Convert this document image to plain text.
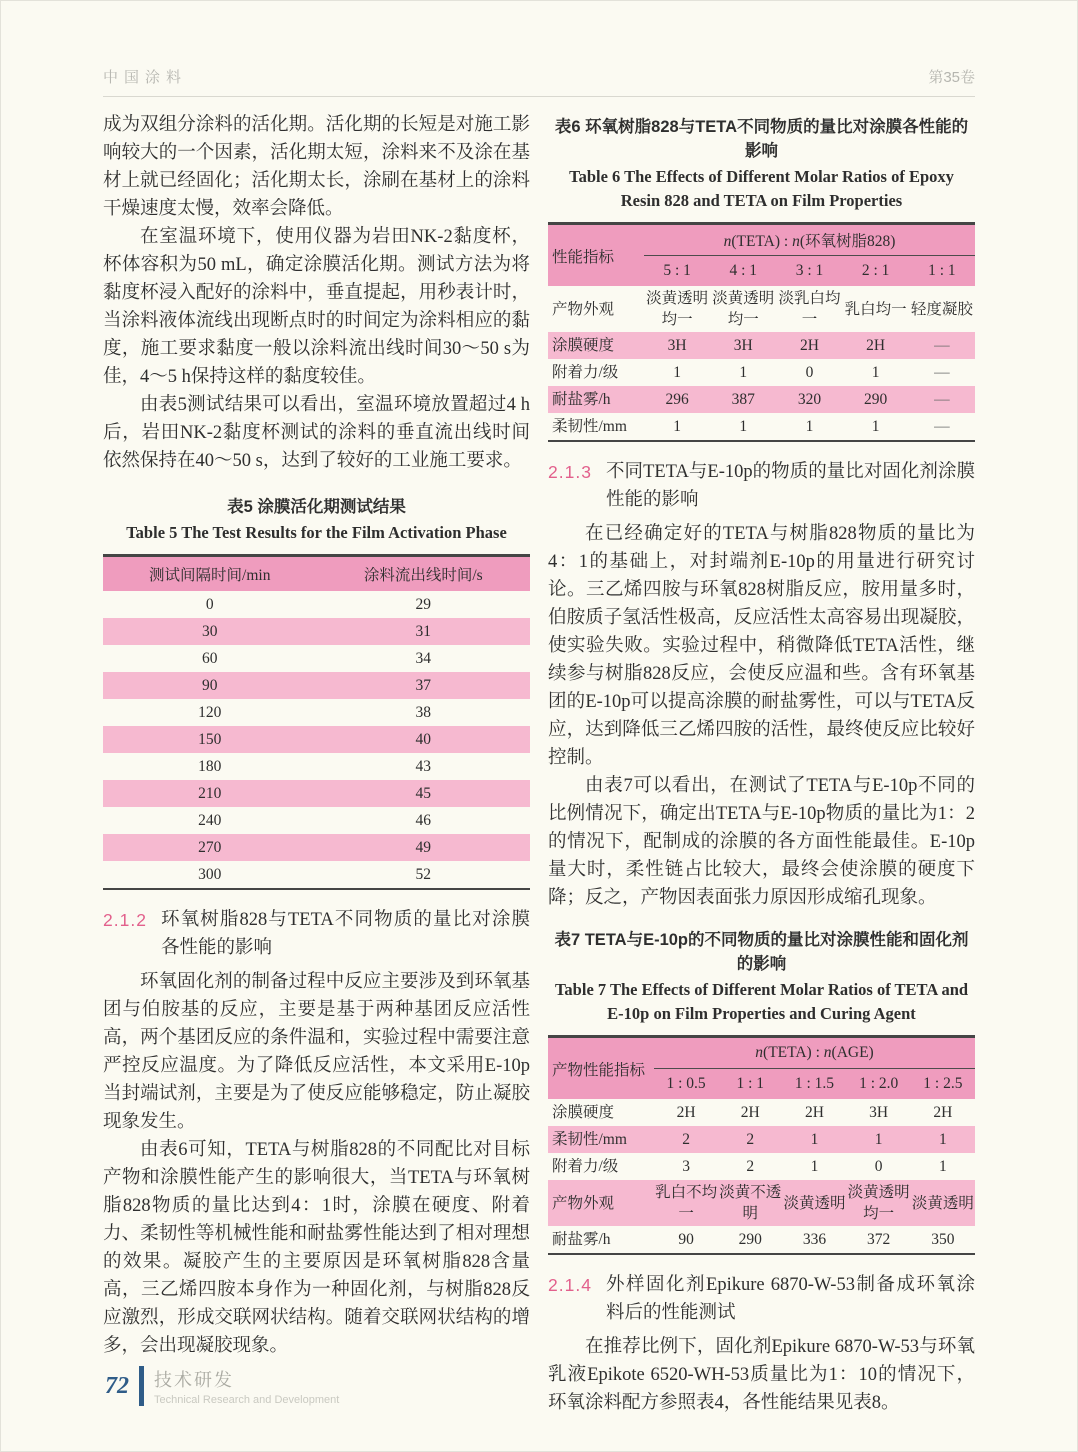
中国涂料	第35卷

成为双组分涂料的活化期。活化期的长短是对施工影响较大的一个因素，活化期太短，涂料来不及涂在基材上就已经固化；活化期太长，涂刷在基材上的涂料干燥速度太慢，效率会降低。

在室温环境下，使用仪器为岩田NK-2黏度杯，杯体容积为50 mL，确定涂膜活化期。测试方法为将黏度杯浸入配好的涂料中，垂直提起，用秒表计时，当涂料液体流线出现断点时的时间定为涂料相应的黏度，施工要求黏度一般以涂料流出线时间30～50 s为佳，4～5 h保持这样的黏度较佳。

由表5测试结果可以看出，室温环境放置超过4 h后，岩田NK-2黏度杯测试的涂料的垂直流出线时间依然保持在40～50 s，达到了较好的工业施工要求。

表5 涂膜活化期测试结果
Table 5 The Test Results for the Film Activation Phase
测试间隔时间/min	涂料流出线时间/s
0	29
30	31
60	34
90	37
120	38
150	40
180	43
210	45
240	46
270	49
300	52
2.1.2 环氧树脂828与TETA不同物质的量比对涂膜各性能的影响

环氧固化剂的制备过程中反应主要涉及到环氧基团与伯胺基的反应，主要是基于两种基团反应活性高，两个基团反应的条件温和，实验过程中需要注意严控反应温度。为了降低反应活性，本文采用E-10p当封端试剂，主要是为了使反应能够稳定，防止凝胶现象发生。

由表6可知，TETA与树脂828的不同配比对目标产物和涂膜性能产生的影响很大，当TETA与环氧树脂828物质的量比达到4：1时，涂膜在硬度、附着力、柔韧性等机械性能和耐盐雾性能达到了相对理想的效果。凝胶产生的主要原因是环氧树脂828含量高，三乙烯四胺本身作为一种固化剂，与树脂828反应激烈，形成交联网状结构。随着交联网状结构的增多，会出现凝胶现象。

表6 环氧树脂828与TETA不同物质的量比对涂膜各性能的影响
Table 6 The Effects of Different Molar Ratios of Epoxy Resin 828 and TETA on Film Properties
性能指标	n(TETA) : n(环氧树脂828)				
	5 : 1	4 : 1	3 : 1	2 : 1	1 : 1
产物外观	淡黄透明均一	淡黄透明均一	淡乳白均一	乳白均一	轻度凝胶
涂膜硬度	3H	3H	2H	2H	—
附着力/级	1	1	0	1	—
耐盐雾/h	296	387	320	290	—
柔韧性/mm	1	1	1	1	—
2.1.3 不同TETA与E-10p的物质的量比对固化剂涂膜性能的影响

在已经确定好的TETA与树脂828物质的量比为4：1的基础上，对封端剂E-10p的用量进行研究讨论。三乙烯四胺与环氧828树脂反应，胺用量多时，伯胺质子氢活性极高，反应活性太高容易出现凝胶，使实验失败。实验过程中，稍微降低TETA活性，继续参与树脂828反应，会使反应温和些。含有环氧基团的E-10p可以提高涂膜的耐盐雾性，可以与TETA反应，达到降低三乙烯四胺的活性，最终使反应比较好控制。

由表7可以看出，在测试了TETA与E-10p不同的比例情况下，确定出TETA与E-10p物质的量比为1：2的情况下，配制成的涂膜的各方面性能最佳。E-10p量大时，柔性链占比较大，最终会使涂膜的硬度下降；反之，产物因表面张力原因形成缩孔现象。

表7 TETA与E-10p的不同物质的量比对涂膜性能和固化剂的影响
Table 7 The Effects of Different Molar Ratios of TETA and E-10p on Film Properties and Curing Agent
产物性能指标	n(TETA) : n(AGE)				
	1 : 0.5	1 : 1	1 : 1.5	1 : 2.0	1 : 2.5
涂膜硬度	2H	2H	2H	3H	2H
柔韧性/mm	2	2	1	1	1
附着力/级	3	2	1	0	1
产物外观	乳白不均一	淡黄不透明	淡黄透明	淡黄透明均一	淡黄透明
耐盐雾/h	90	290	336	372	350
2.1.4 外样固化剂Epikure 6870-W-53制备成环氧涂料后的性能测试

在推荐比例下，固化剂Epikure 6870-W-53与环氧乳液Epikote 6520-WH-53质量比为1：10的情况下，环氧涂料配方参照表4，各性能结果见表8。

72	技术研发
Technical Research and Development
